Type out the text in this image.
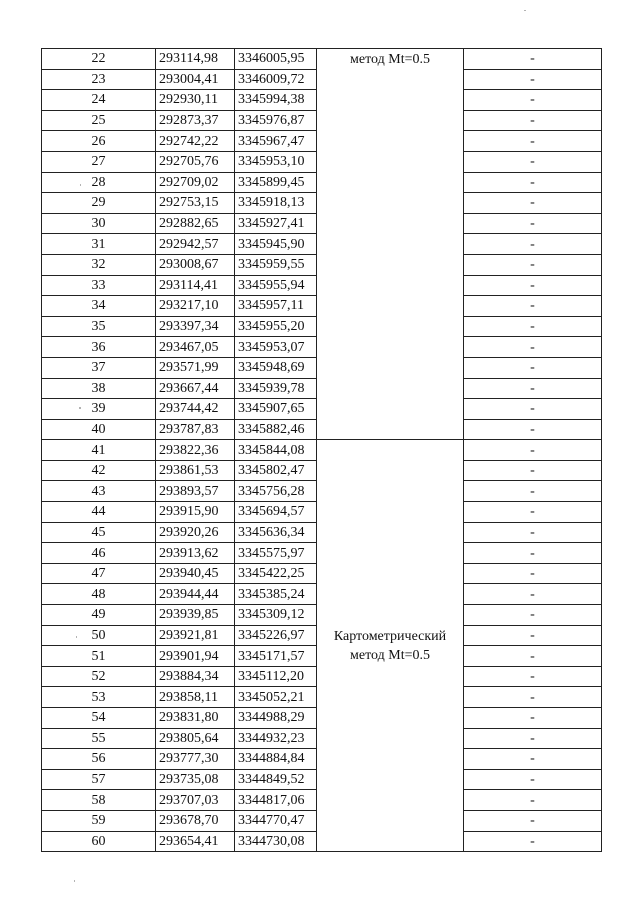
22	293114,98	3346005,95	метод Mt=0.5	-
23	293004,41	3346009,72		-
24	292930,11	3345994,38		-
25	292873,37	3345976,87		-
26	292742,22	3345967,47		-
27	292705,76	3345953,10		-
28	292709,02	3345899,45		-
29	292753,15	3345918,13		-
30	292882,65	3345927,41		-
31	292942,57	3345945,90		-
32	293008,67	3345959,55		-
33	293114,41	3345955,94		-
34	293217,10	3345957,11		-
35	293397,34	3345955,20		-
36	293467,05	3345953,07		-
37	293571,99	3345948,69		-
38	293667,44	3345939,78		-
39	293744,42	3345907,65		-
40	293787,83	3345882,46		-
41	293822,36	3345844,08	Картометрический
метод Mt=0.5	-
42	293861,53	3345802,47		-
43	293893,57	3345756,28		-
44	293915,90	3345694,57		-
45	293920,26	3345636,34		-
46	293913,62	3345575,97		-
47	293940,45	3345422,25		-
48	293944,44	3345385,24		-
49	293939,85	3345309,12		-
50	293921,81	3345226,97		-
51	293901,94	3345171,57		-
52	293884,34	3345112,20		-
53	293858,11	3345052,21		-
54	293831,80	3344988,29		-
55	293805,64	3344932,23		-
56	293777,30	3344884,84		-
57	293735,08	3344849,52		-
58	293707,03	3344817,06		-
59	293678,70	3344770,47		-
60	293654,41	3344730,08		-
